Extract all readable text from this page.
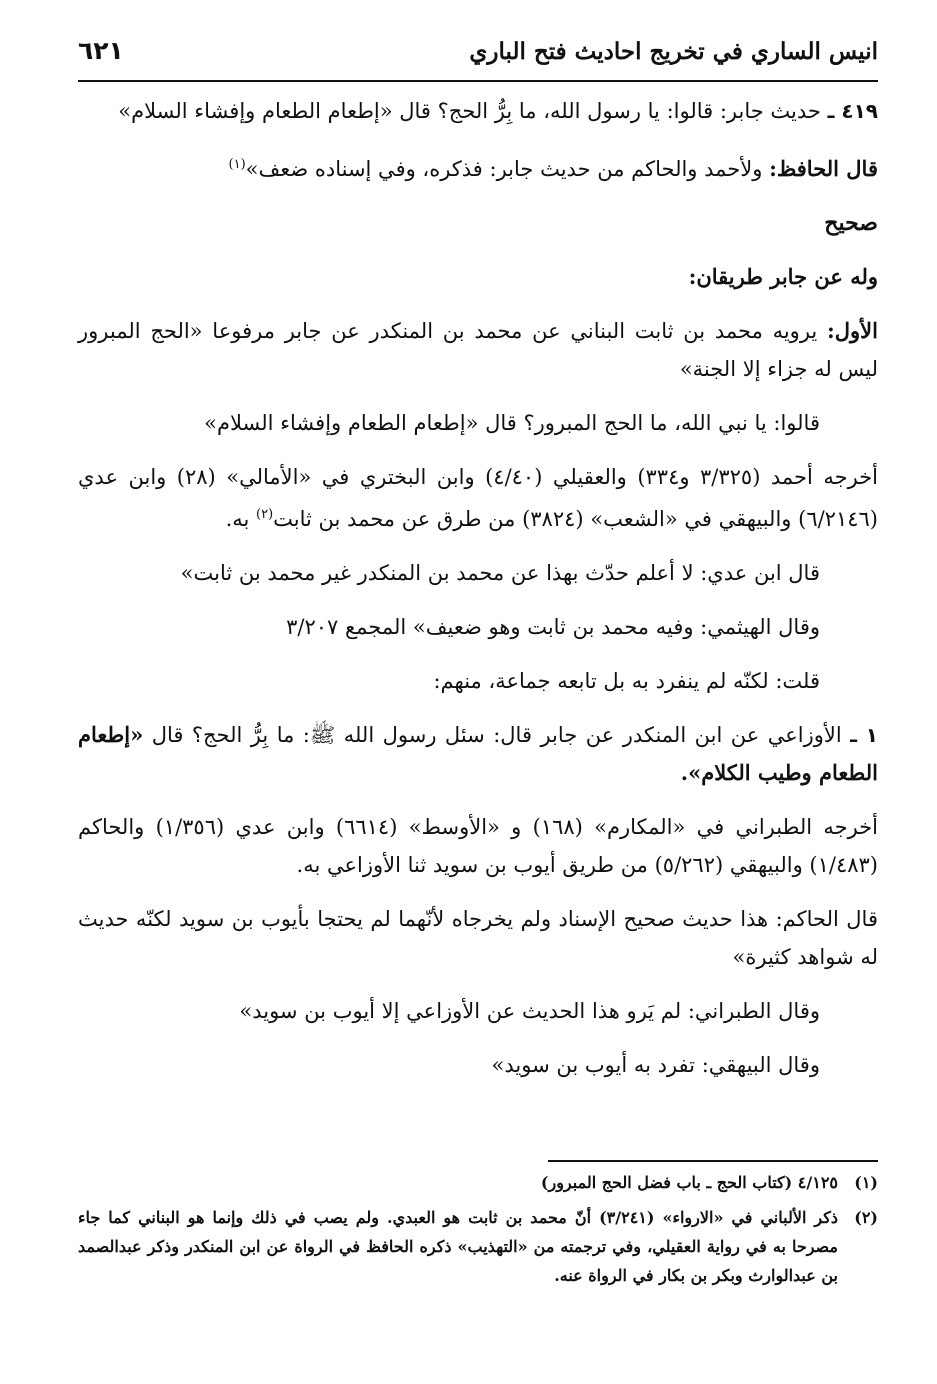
انيس الساري في تخريج احاديث فتح الباري
٦٢١

٤١٩ ـ حديث جابر: قالوا: يا رسول الله، ما بِرُّ الحج؟ قال «إطعام الطعام وإفشاء السلام»

قال الحافظ: ولأحمد والحاكم من حديث جابر: فذكره، وفي إسناده ضعف»$^{(١)}$

صحيح

وله عن جابر طريقان:

الأول: يرويه محمد بن ثابت البناني عن محمد بن المنكدر عن جابر مرفوعا «الحج المبرور ليس له جزاء إلا الجنة»

قالوا: يا نبي الله، ما الحج المبرور؟ قال «إطعام الطعام وإفشاء السلام»

أخرجه أحمد (٣/٣٢٥ و٣٣٤) والعقيلي (٤/٤٠) وابن البختري في «الأمالي» (٢٨) وابن عدي (٦/٢١٤٦) والبيهقي في «الشعب» (٣٨٢٤) من طرق عن محمد بن ثابت$^{(٢)}$ به.

قال ابن عدي: لا أعلم حدّث بهذا عن محمد بن المنكدر غير محمد بن ثابت»

وقال الهيثمي: وفيه محمد بن ثابت وهو ضعيف» المجمع ٣/٢٠٧

قلت: لكنّه لم ينفرد به بل تابعه جماعة، منهم:

١ ـ الأوزاعي عن ابن المنكدر عن جابر قال: سئل رسول الله ﷺ: ما بِرُّ الحج؟ قال «إطعام الطعام وطيب الكلام».

أخرجه الطبراني في «المكارم» (١٦٨) و «الأوسط» (٦٦١٤) وابن عدي (١/٣٥٦) والحاكم (١/٤٨٣) والبيهقي (٥/٢٦٢) من طريق أيوب بن سويد ثنا الأوزاعي به.

قال الحاكم: هذا حديث صحيح الإسناد ولم يخرجاه لأنّهما لم يحتجا بأيوب بن سويد لكنّه حديث له شواهد كثيرة»

وقال الطبراني: لم يَرو هذا الحديث عن الأوزاعي إلا أيوب بن سويد»

وقال البيهقي: تفرد به أيوب بن سويد»

(١)
٤/١٢٥ (كتاب الحج ـ باب فضل الحج المبرور)
(٢)
ذكر الألباني في «الارواء» (٣/٢٤١) أنّ محمد بن ثابت هو العبدي. ولم يصب في ذلك وإنما هو البناني كما جاء مصرحا به في رواية العقيلي، وفي ترجمته من «التهذيب» ذكره الحافظ في الرواة عن ابن المنكدر وذكر عبدالصمد بن عبدالوارث وبكر بن بكار في الرواة عنه.
